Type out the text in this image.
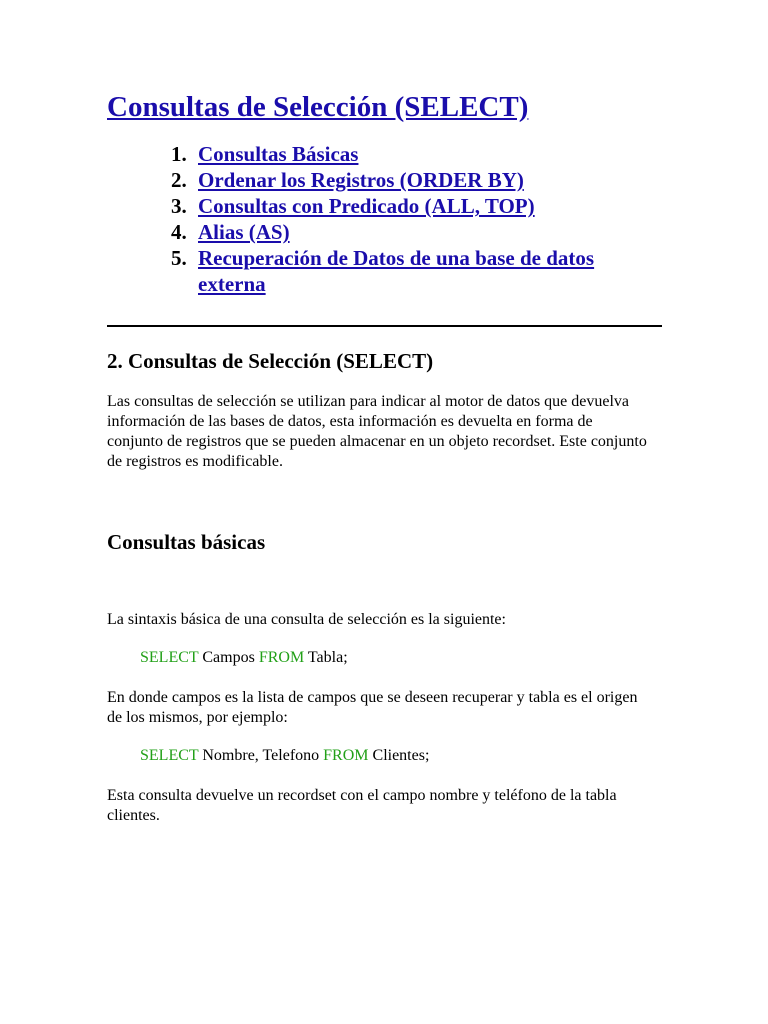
Consultas de Selección (SELECT)
1. Consultas Básicas
2. Ordenar los Registros (ORDER BY)
3. Consultas con Predicado (ALL, TOP)
4. Alias (AS)
5. Recuperación de Datos de una base de datos externa
2. Consultas de Selección (SELECT)

Las consultas de selección se utilizan para indicar al motor de datos que devuelva información de las bases de datos, esta información es devuelta en forma de conjunto de registros que se pueden almacenar en un objeto recordset. Este conjunto de registros es modificable.

Consultas básicas

La sintaxis básica de una consulta de selección es la siguiente:

SELECT Campos FROM Tabla;

En donde campos es la lista de campos que se deseen recuperar y tabla es el origen de los mismos, por ejemplo:

SELECT Nombre, Telefono FROM Clientes;

Esta consulta devuelve un recordset con el campo nombre y teléfono de la tabla clientes.
